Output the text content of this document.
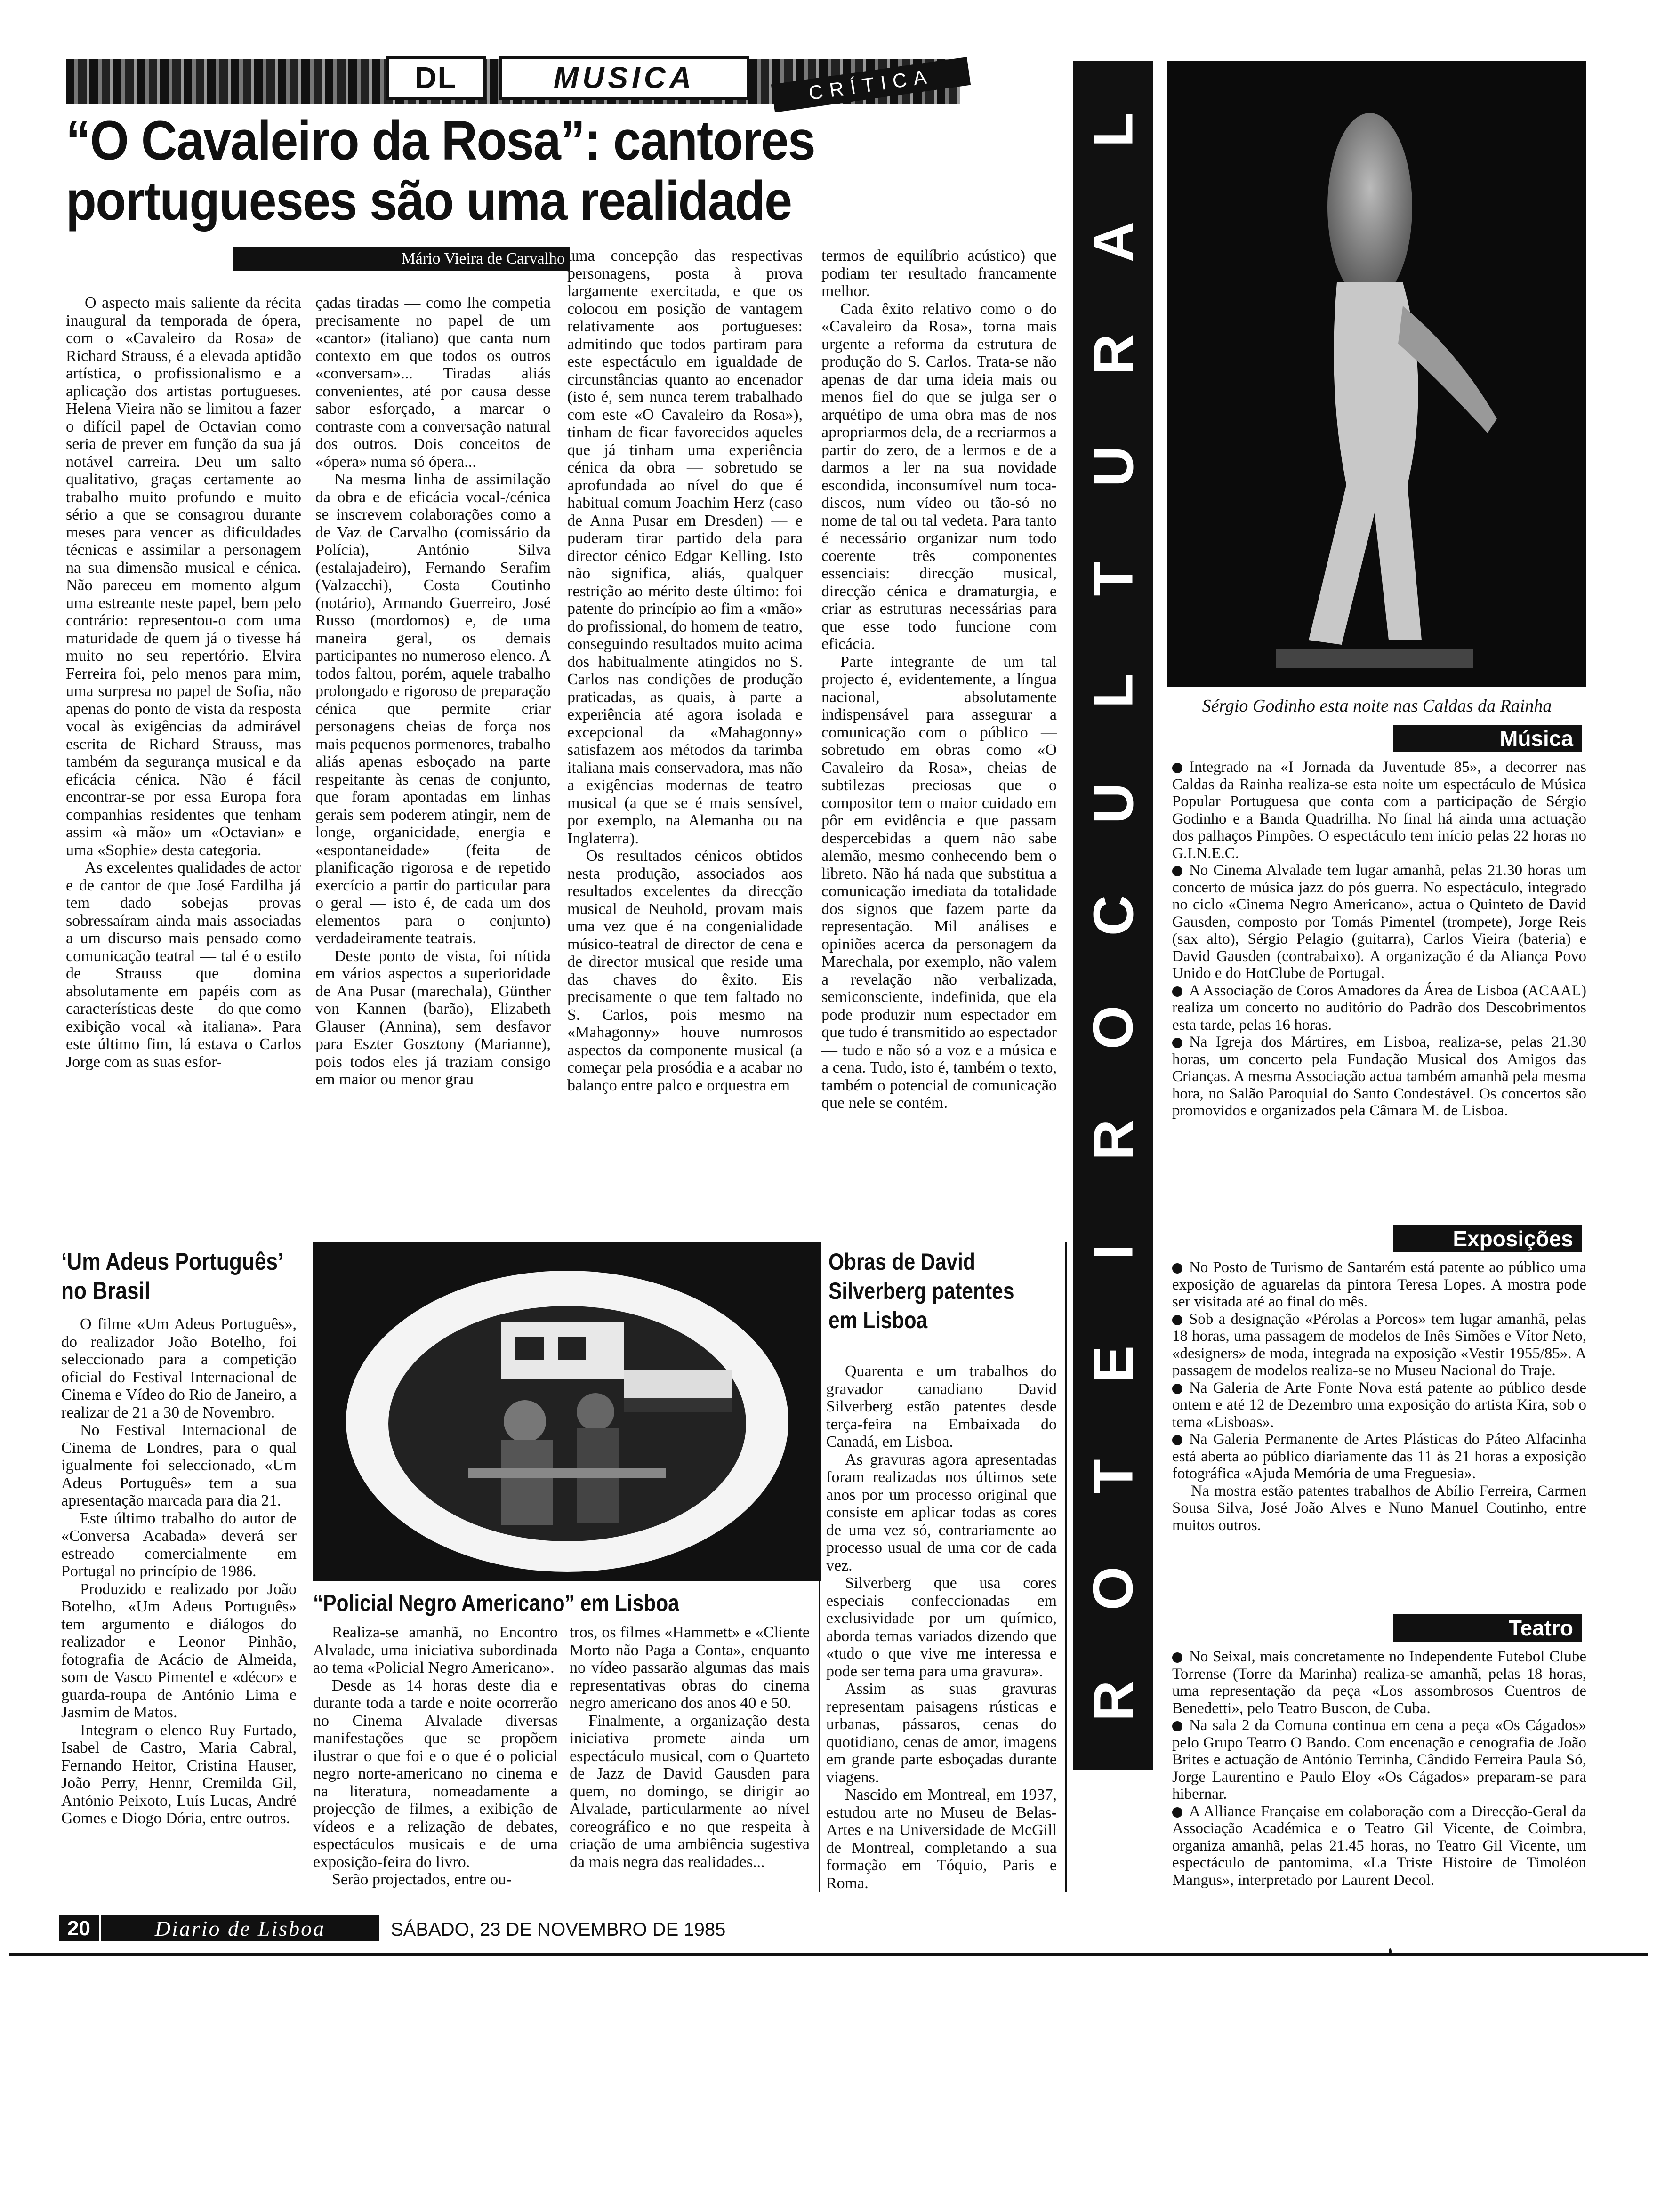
DL	MUSICA	CRÍTICA
“O Cavaleiro da Rosa”: cantores
portugueses são uma realidade
Mário Vieira de Carvalho

O aspecto mais saliente da récita inaugural da temporada de ópera, com o «Cavaleiro da Rosa» de Richard Strauss, é a elevada aptidão artística, o profissionalismo e a aplicação dos artistas portugueses. Helena Vieira não se limitou a fazer o difícil papel de Octavian como seria de prever em função da sua já notável carreira. Deu um salto qualitativo, graças certamente ao trabalho muito profundo e muito sério a que se consagrou durante meses para vencer as dificuldades técnicas e assimilar a personagem na sua dimensão musical e cénica. Não pareceu em momento algum uma estreante neste papel, bem pelo contrário: representou-o com uma maturidade de quem já o tivesse há muito no seu repertório. Elvira Ferreira foi, pelo menos para mim, uma surpresa no papel de Sofia, não apenas do ponto de vista da resposta vocal às exigências da admirável escrita de Richard Strauss, mas também da segurança musical e da eficácia cénica. Não é fácil encontrar-se por essa Europa fora companhias residentes que tenham assim «à mão» um «Octavian» e uma «Sophie» desta categoria.

As excelentes qualidades de actor e de cantor de que José Fardilha já tem dado sobejas provas sobressaíram ainda mais associadas a um discurso mais pensado como comunicação teatral — tal é o estilo de Strauss que domina absolutamente em papéis com as características deste — do que como exibição vocal «à italiana». Para este último fim, lá estava o Carlos Jorge com as suas esfor-

çadas tiradas — como lhe competia precisamente no papel de um «cantor» (italiano) que canta num contexto em que todos os outros «conversam»... Tiradas aliás convenientes, até por causa desse sabor esforçado, a marcar o contraste com a conversação natural dos outros. Dois conceitos de «ópera» numa só ópera...

Na mesma linha de assimilação da obra e de eficácia vocal-/cénica se inscrevem colaborações como a de Vaz de Carvalho (comissário da Polícia), António Silva (estalajadeiro), Fernando Serafim (Valzacchi), Costa Coutinho (notário), Armando Guerreiro, José Russo (mordomos) e, de uma maneira geral, os demais participantes no numeroso elenco. A todos faltou, porém, aquele trabalho prolongado e rigoroso de preparação cénica que permite criar personagens cheias de força nos mais pequenos pormenores, trabalho aliás apenas esboçado na parte respeitante às cenas de conjunto, que foram apontadas em linhas gerais sem poderem atingir, nem de longe, organicidade, energia e «espontaneidade» (feita de planificação rigorosa e de repetido exercício a partir do particular para o geral — isto é, de cada um dos elementos para o conjunto) verdadeiramente teatrais.

Deste ponto de vista, foi nítida em vários aspectos a superioridade de Ana Pusar (marechala), Günther von Kannen (barão), Elizabeth Glauser (Annina), sem desfavor para Eszter Gosztony (Marianne), pois todos eles já traziam consigo em maior ou menor grau

uma concepção das respectivas personagens, posta à prova largamente exercitada, e que os colocou em posição de vantagem relativamente aos portugueses: admitindo que todos partiram para este espectáculo em igualdade de circunstâncias quanto ao encenador (isto é, sem nunca terem trabalhado com este «O Cavaleiro da Rosa»), tinham de ficar favorecidos aqueles que já tinham uma experiência cénica da obra — sobretudo se aprofundada ao nível do que é habitual comum Joachim Herz (caso de Anna Pusar em Dresden) — e puderam tirar partido dela para director cénico Edgar Kelling. Isto não significa, aliás, qualquer restrição ao mérito deste último: foi patente do princípio ao fim a «mão» do profissional, do homem de teatro, conseguindo resultados muito acima dos habitualmente atingidos no S. Carlos nas condições de produção praticadas, as quais, à parte a experiência até agora isolada e excepcional da «Mahagonny» satisfazem aos métodos da tarimba italiana mais conservadora, mas não a exigências modernas de teatro musical (a que se é mais sensível, por exemplo, na Alemanha ou na Inglaterra).

Os resultados cénicos obtidos nesta produção, associados aos resultados excelentes da direcção musical de Neuhold, provam mais uma vez que é na congenialidade músico-teatral de director de cena e de director musical que reside uma das chaves do êxito. Eis precisamente o que tem faltado no S. Carlos, pois mesmo na «Mahagonny» houve numrosos aspectos da componente musical (a começar pela prosódia e a acabar no balanço entre palco e orquestra em

termos de equilíbrio acústico) que podiam ter resultado francamente melhor.

Cada êxito relativo como o do «Cavaleiro da Rosa», torna mais urgente a reforma da estrutura de produção do S. Carlos. Trata-se não apenas de dar uma ideia mais ou menos fiel do que se julga ser o arquétipo de uma obra mas de nos apropriarmos dela, de a recriarmos a partir do zero, de a lermos e de a darmos a ler na sua novidade escondida, inconsumível num toca-discos, num vídeo ou tão-só no nome de tal ou tal vedeta. Para tanto é necessário organizar num todo coerente três componentes essenciais: direcção musical, direcção cénica e dramaturgia, e criar as estruturas necessárias para que esse todo funcione com eficácia.

Parte integrante de um tal projecto é, evidentemente, a língua nacional, absolutamente indispensável para assegurar a comunicação com o público — sobretudo em obras como «O Cavaleiro da Rosa», cheias de subtilezas preciosas que o compositor tem o maior cuidado em pôr em evidência e que passam despercebidas a quem não sabe alemão, mesmo conhecendo bem o libreto. Não há nada que substitua a comunicação imediata da totalidade dos signos que fazem parte da representação. Mil análises e opiniões acerca da personagem da Marechala, por exemplo, não valem a revelação não verbalizada, semiconsciente, indefinida, que ela pode produzir num espectador em que tudo é transmitido ao espectador — tudo e não só a voz e a música e a cena. Tudo, isto é, também o texto, também o potencial de comunicação que nele se contém.

‘Um Adeus Português’
no Brasil

O filme «Um Adeus Português», do realizador João Botelho, foi seleccionado para a competição oficial do Festival Internacional de Cinema e Vídeo do Rio de Janeiro, a realizar de 21 a 30 de Novembro.

No Festival Internacional de Cinema de Londres, para o qual igualmente foi seleccionado, «Um Adeus Português» tem a sua apresentação marcada para dia 21.

Este último trabalho do autor de «Conversa Acabada» deverá ser estreado comercialmente em Portugal no princípio de 1986.

Produzido e realizado por João Botelho, «Um Adeus Português» tem argumento e diálogos do realizador e Leonor Pinhão, fotografia de Acácio de Almeida, som de Vasco Pimentel e «décor» e guarda-roupa de António Lima e Jasmim de Matos.

Integram o elenco Ruy Furtado, Isabel de Castro, Maria Cabral, Fernando Heitor, Cristina Hauser, João Perry, Hennr, Cremilda Gil, António Peixoto, Luís Lucas, André Gomes e Diogo Dória, entre outros.

“Policial Negro Americano” em Lisboa

Realiza-se amanhã, no Encontro Alvalade, uma iniciativa subordinada ao tema «Policial Negro Americano».

Desde as 14 horas deste dia e durante toda a tarde e noite ocorrerão no Cinema Alvalade diversas manifestações que se propõem ilustrar o que foi e o que é o policial negro norte-americano no cinema e na literatura, nomeadamente a projecção de filmes, a exibição de vídeos e a relização de debates, espectáculos musicais e de uma exposição-feira do livro.

Serão projectados, entre ou-

tros, os filmes «Hammett» e «Cliente Morto não Paga a Conta», enquanto no vídeo passarão algumas das mais representativas obras do cinema negro americano dos anos 40 e 50.

Finalmente, a organização desta iniciativa promete ainda um espectáculo musical, com o Quarteto de Jazz de David Gausden para quem, no domingo, se dirigir ao Alvalade, particularmente ao nível coreográfico e no que respeita à criação de uma ambiência sugestiva da mais negra das realidades...

Obras de David
Silverberg patentes
em Lisboa

Quarenta e um trabalhos do gravador canadiano David Silverberg estão patentes desde terça-feira na Embaixada do Canadá, em Lisboa.

As gravuras agora apresentadas foram realizadas nos últimos sete anos por um processo original que consiste em aplicar todas as cores de uma vez só, contrariamente ao processo usual de uma cor de cada vez.

Silverberg que usa cores especiais confeccionadas em exclusividade por um químico, aborda temas variados dizendo que «tudo o que vive me interessa e pode ser tema para uma gravura».

Assim as suas gravuras representam paisagens rústicas e urbanas, pássaros, cenas do quotidiano, cenas de amor, imagens em grande parte esboçadas durante viagens.

Nascido em Montreal, em 1937, estudou arte no Museu de Belas-Artes e na Universidade de McGill de Montreal, completando a sua formação em Tóquio, Paris e Roma.

L
A
R
U
T
L
U
C
O
R
I
E
T
O
R
Sérgio Godinho esta noite nas Caldas da Rainha
Música

Integrado na «I Jornada da Juventude 85», a decorrer nas Caldas da Rainha realiza-se esta noite um espectáculo de Música Popular Portuguesa que conta com a participação de Sérgio Godinho e a Banda Quadrilha. No final há ainda uma actuação dos palhaços Pimpões. O espectáculo tem início pelas 22 horas no G.I.N.E.C.

No Cinema Alvalade tem lugar amanhã, pelas 21.30 horas um concerto de música jazz do pós guerra. No espectáculo, integrado no ciclo «Cinema Negro Americano», actua o Quinteto de David Gausden, composto por Tomás Pimentel (trompete), Jorge Reis (sax alto), Sérgio Pelagio (guitarra), Carlos Vieira (bateria) e David Gausden (contrabaixo). A organização é da Aliança Povo Unido e do HotClube de Portugal.

A Associação de Coros Amadores da Área de Lisboa (ACAAL) realiza um concerto no auditório do Padrão dos Descobrimentos esta tarde, pelas 16 horas.

Na Igreja dos Mártires, em Lisboa, realiza-se, pelas 21.30 horas, um concerto pela Fundação Musical dos Amigos das Crianças. A mesma Associação actua também amanhã pela mesma hora, no Salão Paroquial do Santo Condestável. Os concertos são promovidos e organizados pela Câmara M. de Lisboa.

Exposições

No Posto de Turismo de Santarém está patente ao público uma exposição de aguarelas da pintora Teresa Lopes. A mostra pode ser visitada até ao final do mês.

Sob a designação «Pérolas a Porcos» tem lugar amanhã, pelas 18 horas, uma passagem de modelos de Inês Simões e Vítor Neto, «designers» de moda, integrada na exposição «Vestir 1955/85». A passagem de modelos realiza-se no Museu Nacional do Traje.

Na Galeria de Arte Fonte Nova está patente ao público desde ontem e até 12 de Dezembro uma exposição do artista Kira, sob o tema «Lisboas».

Na Galeria Permanente de Artes Plásticas do Páteo Alfacinha está aberta ao público diariamente das 11 às 21 horas a exposição fotográfica «Ajuda Memória de uma Freguesia».

Na mostra estão patentes trabalhos de Abílio Ferreira, Carmen Sousa Silva, José João Alves e Nuno Manuel Coutinho, entre muitos outros.

Teatro

No Seixal, mais concretamente no Independente Futebol Clube Torrense (Torre da Marinha) realiza-se amanhã, pelas 18 horas, uma representação da peça «Los assombrosos Cuentros de Benedetti», pelo Teatro Buscon, de Cuba.

Na sala 2 da Comuna continua em cena a peça «Os Cágados» pelo Grupo Teatro O Bando. Com encenação e cenografia de João Brites e actuação de António Terrinha, Cândido Ferreira Paula Só, Jorge Laurentino e Paulo Eloy «Os Cágados» preparam-se para hibernar.

A Alliance Française em colaboração com a Direcção-Geral da Associação Académica e o Teatro Gil Vicente, de Coimbra, organiza amanhã, pelas 21.45 horas, no Teatro Gil Vicente, um espectáculo de pantomima, «La Triste Histoire de Timoléon Mangus», interpretado por Laurent Decol.

20	Diario de Lisboa	SÁBADO, 23 DE NOVEMBRO DE 1985
